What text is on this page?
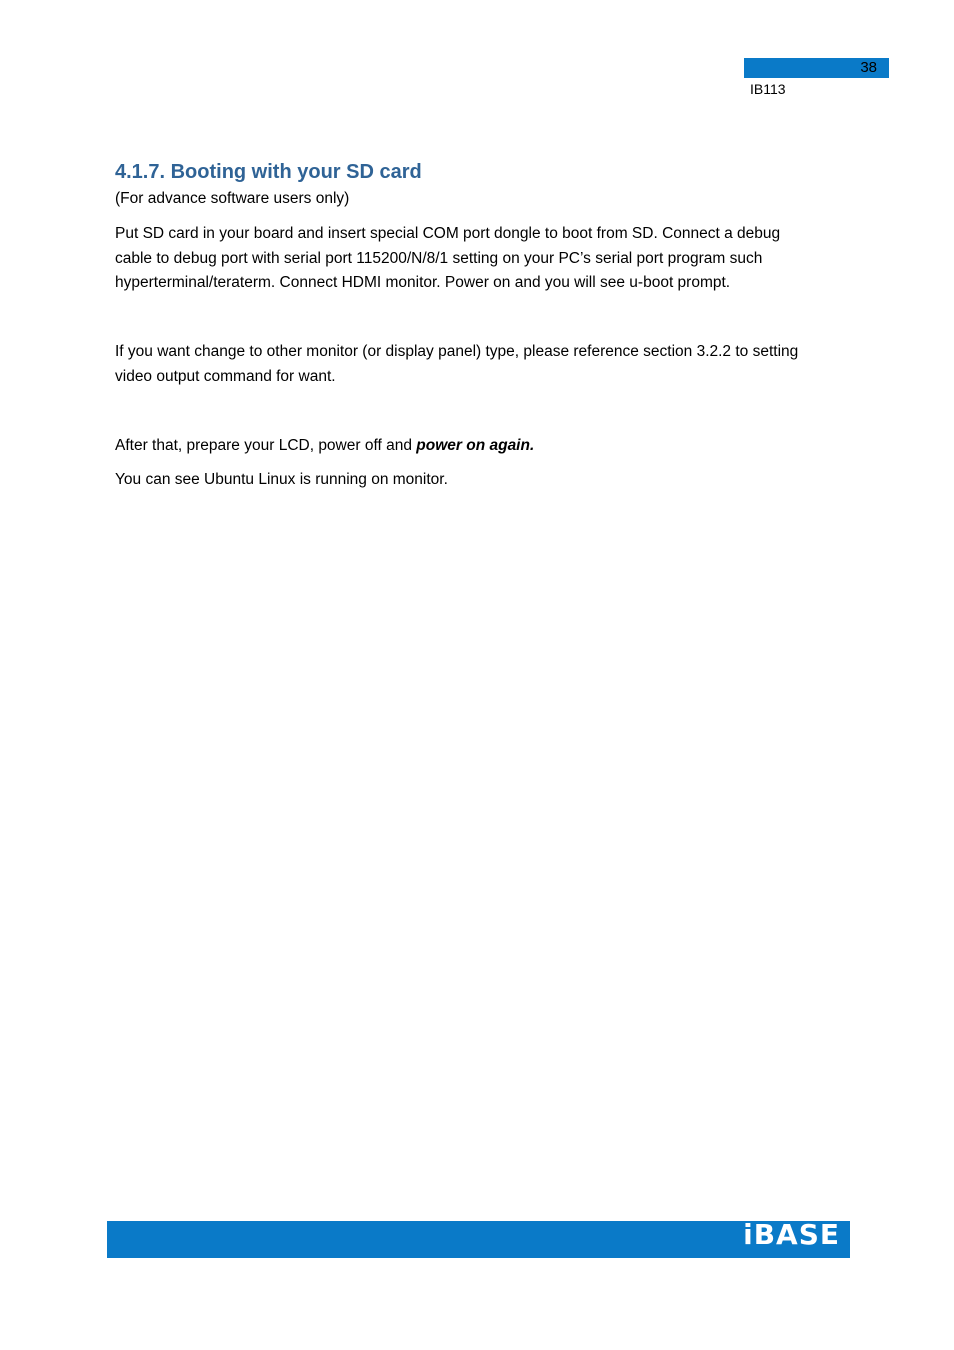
38
IB113
4.1.7. Booting with your SD card

(For advance software users only)

Put SD card in your board and insert special COM port dongle to boot from SD. Connect a debug cable to debug port with serial port 115200/N/8/1 setting on your PC’s serial port program such hyperterminal/teraterm. Connect HDMI monitor. Power on and you will see u-boot prompt.

If you want change to other monitor (or display panel) type, please reference section 3.2.2 to setting video output command for want.

After that, prepare your LCD, power off and power on again.

You can see Ubuntu Linux is running on monitor.

iBASE
